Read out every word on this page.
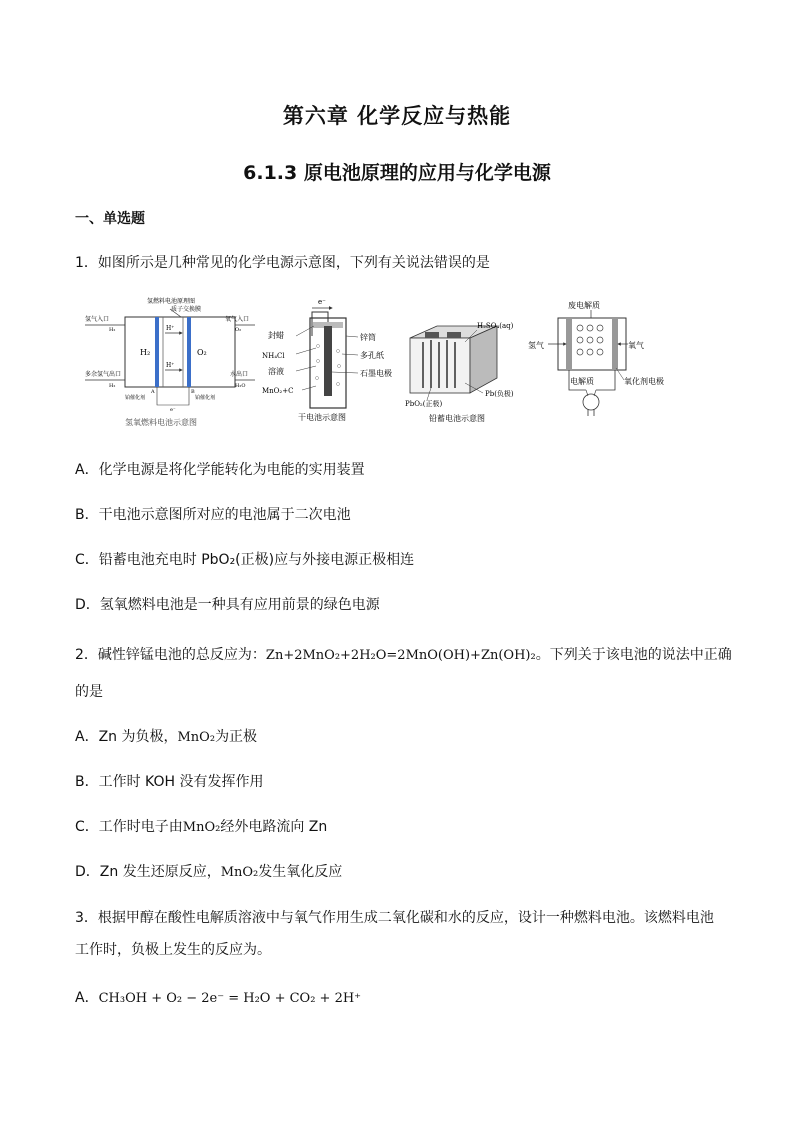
第六章 化学反应与热能
6.1.3 原电池原理的应用与化学电源
一、单选题
1．如图所示是几种常见的化学电源示意图，下列有关说法错误的是
氢燃料电池原理图
质子交换膜
H₂	O₂
H⁺
H⁺
氢气入口
H₂
多余氢气出口
H₂
氧气入口
O₂
水出口
H₂O
A	B
铂催化剂	铂催化剂
e⁻
氢氧燃料电池示意图
e⁻
封蜡
NH₄Cl
溶液
MnO₂+C
锌筒
多孔纸
石墨电极
干电池示意图
H₂SO₄(aq)
Pb(负极)
PbO₂(正极)
铅蓄电池示意图
废电解质
氢气	氧气
电解质	氧化剂电极
A．化学电源是将化学能转化为电能的实用装置
B．干电池示意图所对应的电池属于二次电池
C．铅蓄电池充电时 PbO₂(正极)应与外接电源正极相连
D．氢氧燃料电池是一种具有应用前景的绿色电源
2．碱性锌锰电池的总反应为：Zn+2MnO₂+2H₂O=2MnO(OH)+Zn(OH)₂。下列关于该电池的说法中正确
的是
A．Zn 为负极，MnO₂为正极
B．工作时 KOH 没有发挥作用
C．工作时电子由MnO₂经外电路流向 Zn
D．Zn 发生还原反应，MnO₂发生氧化反应
3．根据甲醇在酸性电解质溶液中与氧气作用生成二氧化碳和水的反应，设计一种燃料电池。该燃料电池
工作时，负极上发生的反应为。
A．CH₃OH + O₂ − 2e⁻ = H₂O + CO₂ + 2H⁺
